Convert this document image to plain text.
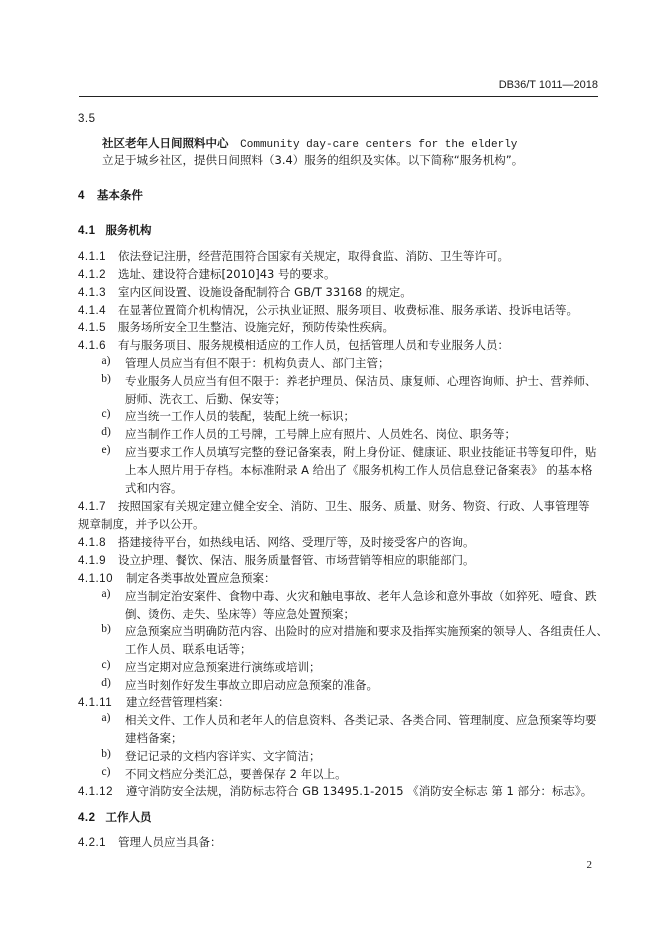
DB36/T 1011—2018
3.5
社区老年人日间照料中心 Community day-care centers for the elderly
立足于城乡社区，提供日间照料（3.4）服务的组织及实体。以下简称“服务机构”。
4 基本条件
4.1 服务机构
4.1.1 依法登记注册，经营范围符合国家有关规定，取得食监、消防、卫生等许可。
4.1.2 选址、建设符合建标[2010]43 号的要求。
4.1.3 室内区间设置、设施设备配制符合 GB/T 33168 的规定。
4.1.4 在显著位置简介机构情况，公示执业证照、服务项目、收费标准、服务承诺、投诉电话等。
4.1.5 服务场所安全卫生整洁、设施完好，预防传染性疾病。
4.1.6 有与服务项目、服务规模相适应的工作人员，包括管理人员和专业服务人员：
a) 管理人员应当有但不限于：机构负责人、部门主管；
b) 专业服务人员应当有但不限于：养老护理员、保洁员、康复师、心理咨询师、护士、营养师、
厨师、洗衣工、后勤、保安等；
c) 应当统一工作人员的装配，装配上统一标识；
d) 应当制作工作人员的工号牌，工号牌上应有照片、人员姓名、岗位、职务等；
e) 应当要求工作人员填写完整的登记备案表，附上身份证、健康证、职业技能证书等复印件，贴
上本人照片用于存档。本标准附录 A 给出了《服务机构工作人员信息登记备案表》 的基本格
式和内容。
4.1.7 按照国家有关规定建立健全安全、消防、卫生、服务、质量、财务、物资、行政、人事管理等
规章制度，并予以公开。
4.1.8 搭建接待平台，如热线电话、网络、受理厅等，及时接受客户的咨询。
4.1.9 设立护理、餐饮、保洁、服务质量督管、市场营销等相应的职能部门。
4.1.10 制定各类事故处置应急预案：
a) 应当制定治安案件、食物中毒、火灾和触电事故、老年人急诊和意外事故（如猝死、噎食、跌
倒、烫伤、走失、坠床等）等应急处置预案；
b) 应急预案应当明确防范内容、出险时的应对措施和要求及指挥实施预案的领导人、各组责任人、
工作人员、联系电话等；
c) 应当定期对应急预案进行演练或培训；
d) 应当时刻作好发生事故立即启动应急预案的准备。
4.1.11 建立经营管理档案：
a) 相关文件、工作人员和老年人的信息资料、各类记录、各类合同、管理制度、应急预案等均要
建档备案；
b) 登记记录的文档内容详实、文字简洁；
c) 不同文档应分类汇总，要善保存 2 年以上。
4.1.12 遵守消防安全法规，消防标志符合 GB 13495.1-2015 《消防安全标志 第 1 部分：标志》。
4.2 工作人员
4.2.1 管理人员应当具备：
2
